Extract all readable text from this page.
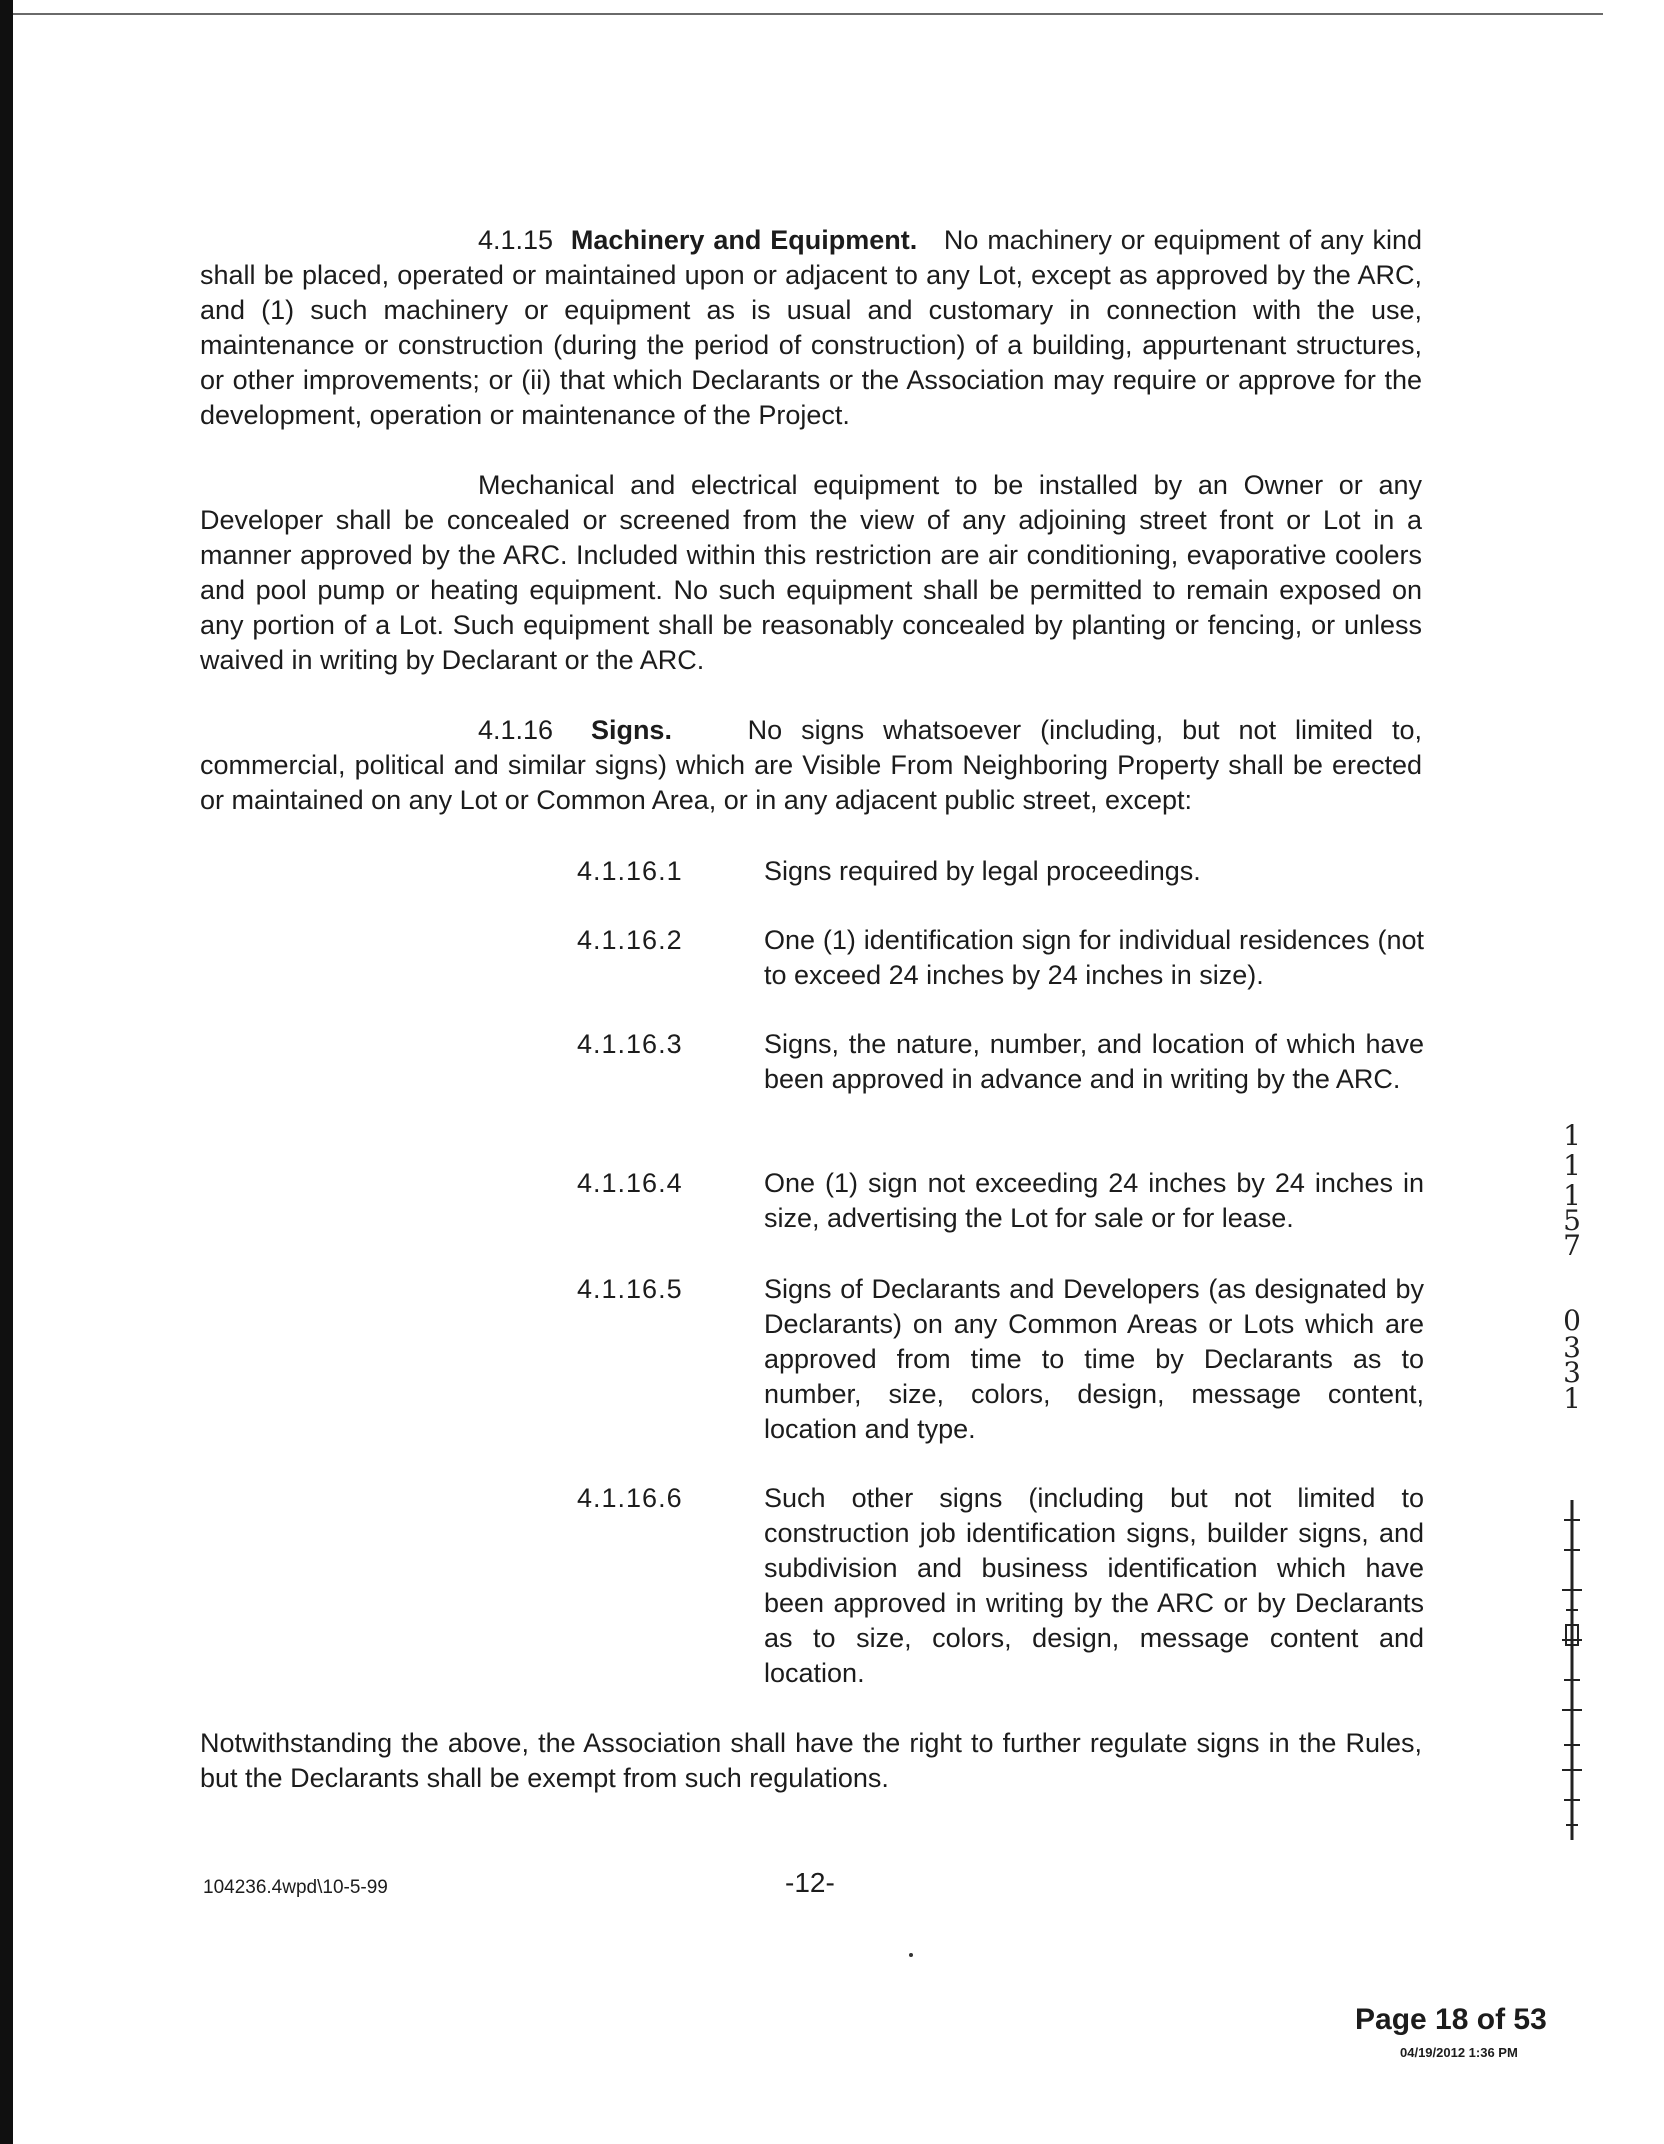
4.1.15 Machinery and Equipment. No machinery or equipment of any kind shall be placed, operated or maintained upon or adjacent to any Lot, except as approved by the ARC, and (1) such machinery or equipment as is usual and customary in connection with the use, maintenance or construction (during the period of construction) of a building, appurtenant structures, or other improvements; or (ii) that which Declarants or the Association may require or approve for the development, operation or maintenance of the Project.

Mechanical and electrical equipment to be installed by an Owner or any Developer shall be concealed or screened from the view of any adjoining street front or Lot in a manner approved by the ARC. Included within this restriction are air conditioning, evaporative coolers and pool pump or heating equipment. No such equipment shall be permitted to remain exposed on any portion of a Lot. Such equipment shall be reasonably concealed by planting or fencing, or unless waived in writing by Declarant or the ARC.

4.1.16 Signs.	No signs whatsoever (including, but not limited to, commercial, political and similar signs) which are Visible From Neighboring Property shall be erected or maintained on any Lot or Common Area, or in any adjacent public street, except:

4.1.16.1	Signs required by legal proceedings.

4.1.16.2	One (1) identification sign for individual residences (not to exceed 24 inches by 24 inches in size).

4.1.16.3	Signs, the nature, number, and location of which have been approved in advance and in writing by the ARC.

4.1.16.4	One (1) sign not exceeding 24 inches by 24 inches in size, advertising the Lot for sale or for lease.

4.1.16.5	Signs of Declarants and Developers (as designated by Declarants) on any Common Areas or Lots which are approved from time to time by Declarants as to number, size, colors, design, message content, location and type.

4.1.16.6	Such other signs (including but not limited to construction job identification signs, builder signs, and subdivision and business identification which have been approved in writing by the ARC or by Declarants as to size, colors, design, message content and location.

Notwithstanding the above, the Association shall have the right to further regulate signs in the Rules, but the Declarants shall be exempt from such regulations.

104236.4wpd\10-5-99	-12-
Page 18 of 53
04/19/2012 1:36 PM
1
1
1
5
7
0
3
3
1
